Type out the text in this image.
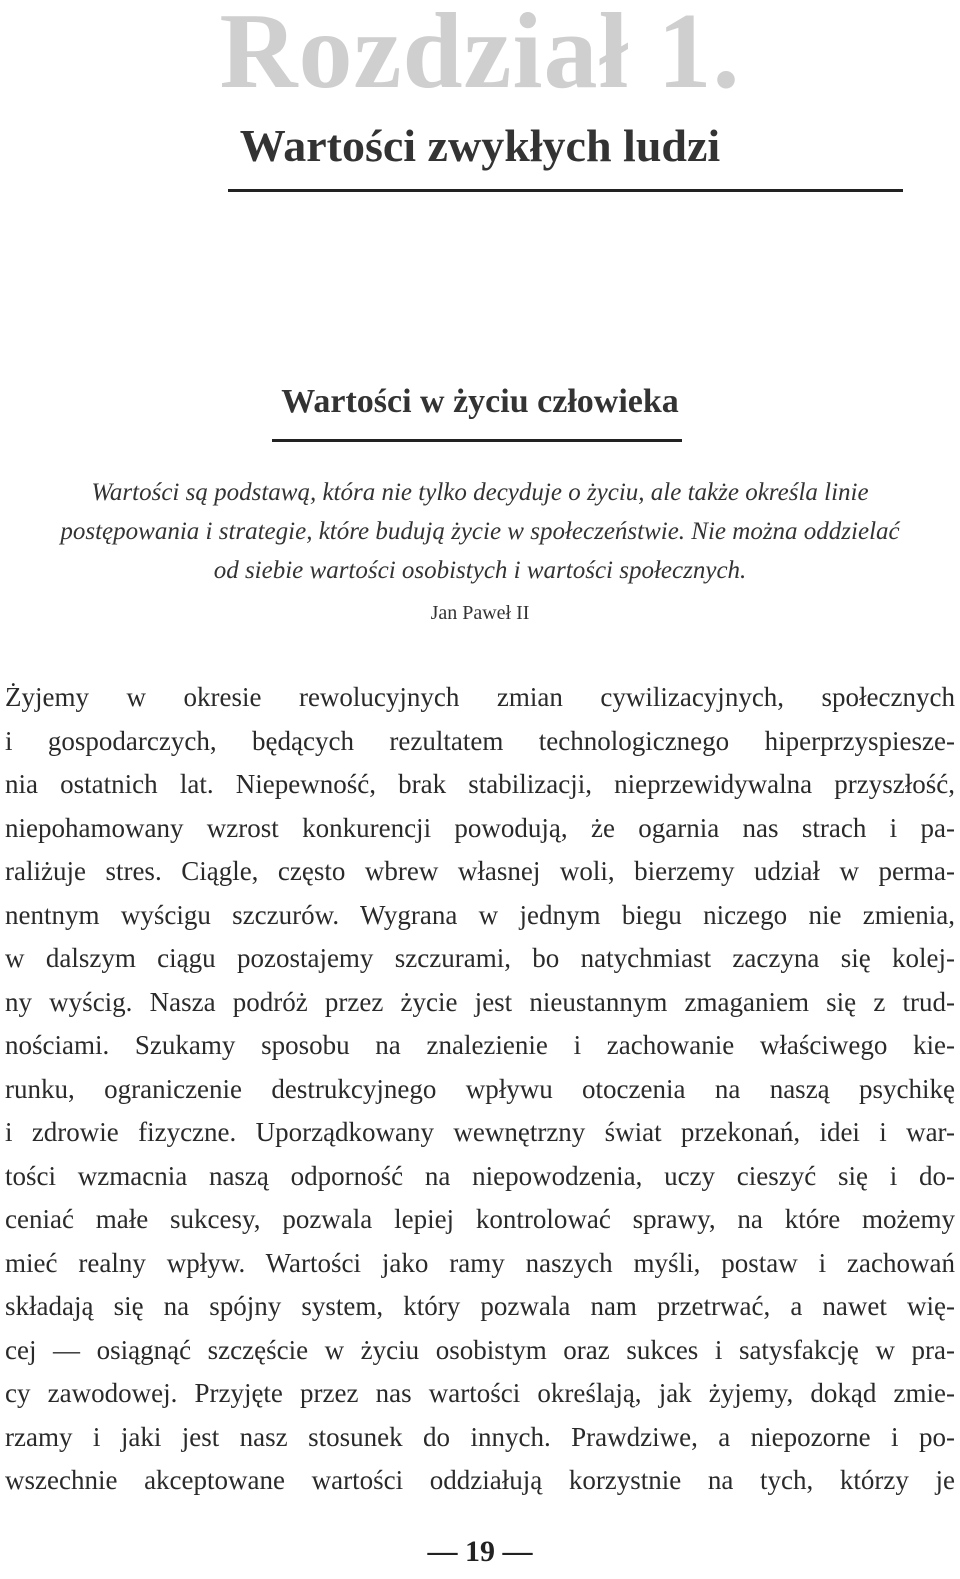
Rozdział 1.
Wartości zwykłych ludzi
Wartości w życiu człowieka
Wartości są podstawą, która nie tylko decyduje o życiu, ale także określa linie
postępowania i strategie, które budują życie w społeczeństwie. Nie można oddzielać
od siebie wartości osobistych i wartości społecznych.
Jan Paweł II
Żyjemy w okresie rewolucyjnych zmian cywilizacyjnych, społecznych
i gospodarczych, będących rezultatem technologicznego hiperprzyspiesze-
nia ostatnich lat. Niepewność, brak stabilizacji, nieprzewidywalna przyszłość,
niepohamowany wzrost konkurencji powodują, że ogarnia nas strach i pa-
raliżuje stres. Ciągle, często wbrew własnej woli, bierzemy udział w perma-
nentnym wyścigu szczurów. Wygrana w jednym biegu niczego nie zmienia,
w dalszym ciągu pozostajemy szczurami, bo natychmiast zaczyna się kolej-
ny wyścig. Nasza podróż przez życie jest nieustannym zmaganiem się z trud-
nościami. Szukamy sposobu na znalezienie i zachowanie właściwego kie-
runku, ograniczenie destrukcyjnego wpływu otoczenia na naszą psychikę
i zdrowie fizyczne. Uporządkowany wewnętrzny świat przekonań, idei i war-
tości wzmacnia naszą odporność na niepowodzenia, uczy cieszyć się i do-
ceniać małe sukcesy, pozwala lepiej kontrolować sprawy, na które możemy
mieć realny wpływ. Wartości jako ramy naszych myśli, postaw i zachowań
składają się na spójny system, który pozwala nam przetrwać, a nawet wię-
cej — osiągnąć szczęście w życiu osobistym oraz sukces i satysfakcję w pra-
cy zawodowej. Przyjęte przez nas wartości określają, jak żyjemy, dokąd zmie-
rzamy i jaki jest nasz stosunek do innych. Prawdziwe, a niepozorne i po-
wszechnie akceptowane wartości oddziałują korzystnie na tych, którzy je
— 19 —
